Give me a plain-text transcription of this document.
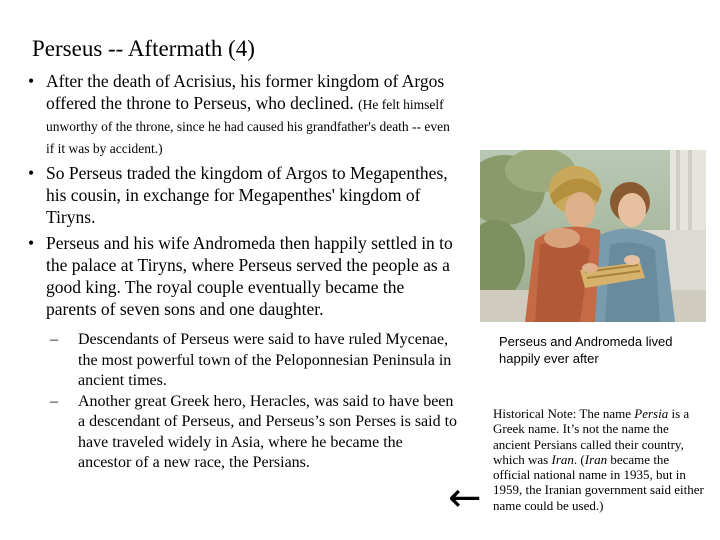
Perseus -- Aftermath (4)
• After the death of Acrisius, his former kingdom of Argos offered the throne to Perseus, who declined. (He felt himself unworthy of the throne, since he had caused his grandfather's death -- even if it was by accident.)
• So Perseus traded the kingdom of Argos to Megapenthes, his cousin, in exchange for Megapenthes' kingdom of Tiryns.
• Perseus and his wife Andromeda then happily settled in to the palace at Tiryns, where Perseus served the people as a good king. The royal couple eventually became the parents of seven sons and one daughter.
– Descendants of Perseus were said to have ruled Mycenae, the most powerful town of the Peloponnesian Peninsula in ancient times.
– Another great Greek hero, Heracles, was said to have been a descendant of Perseus, and Perseus’s son Perses is said to have traveled widely in Asia, where he became the ancestor of a new race, the Persians.
Perseus and Andromeda lived happily ever after
Historical Note: The name Persia is a Greek name. It’s not the name the ancient Persians called their country, which was Iran. (Iran became the official national name in 1935, but in 1959, the Iranian government said either name could be used.)
←
